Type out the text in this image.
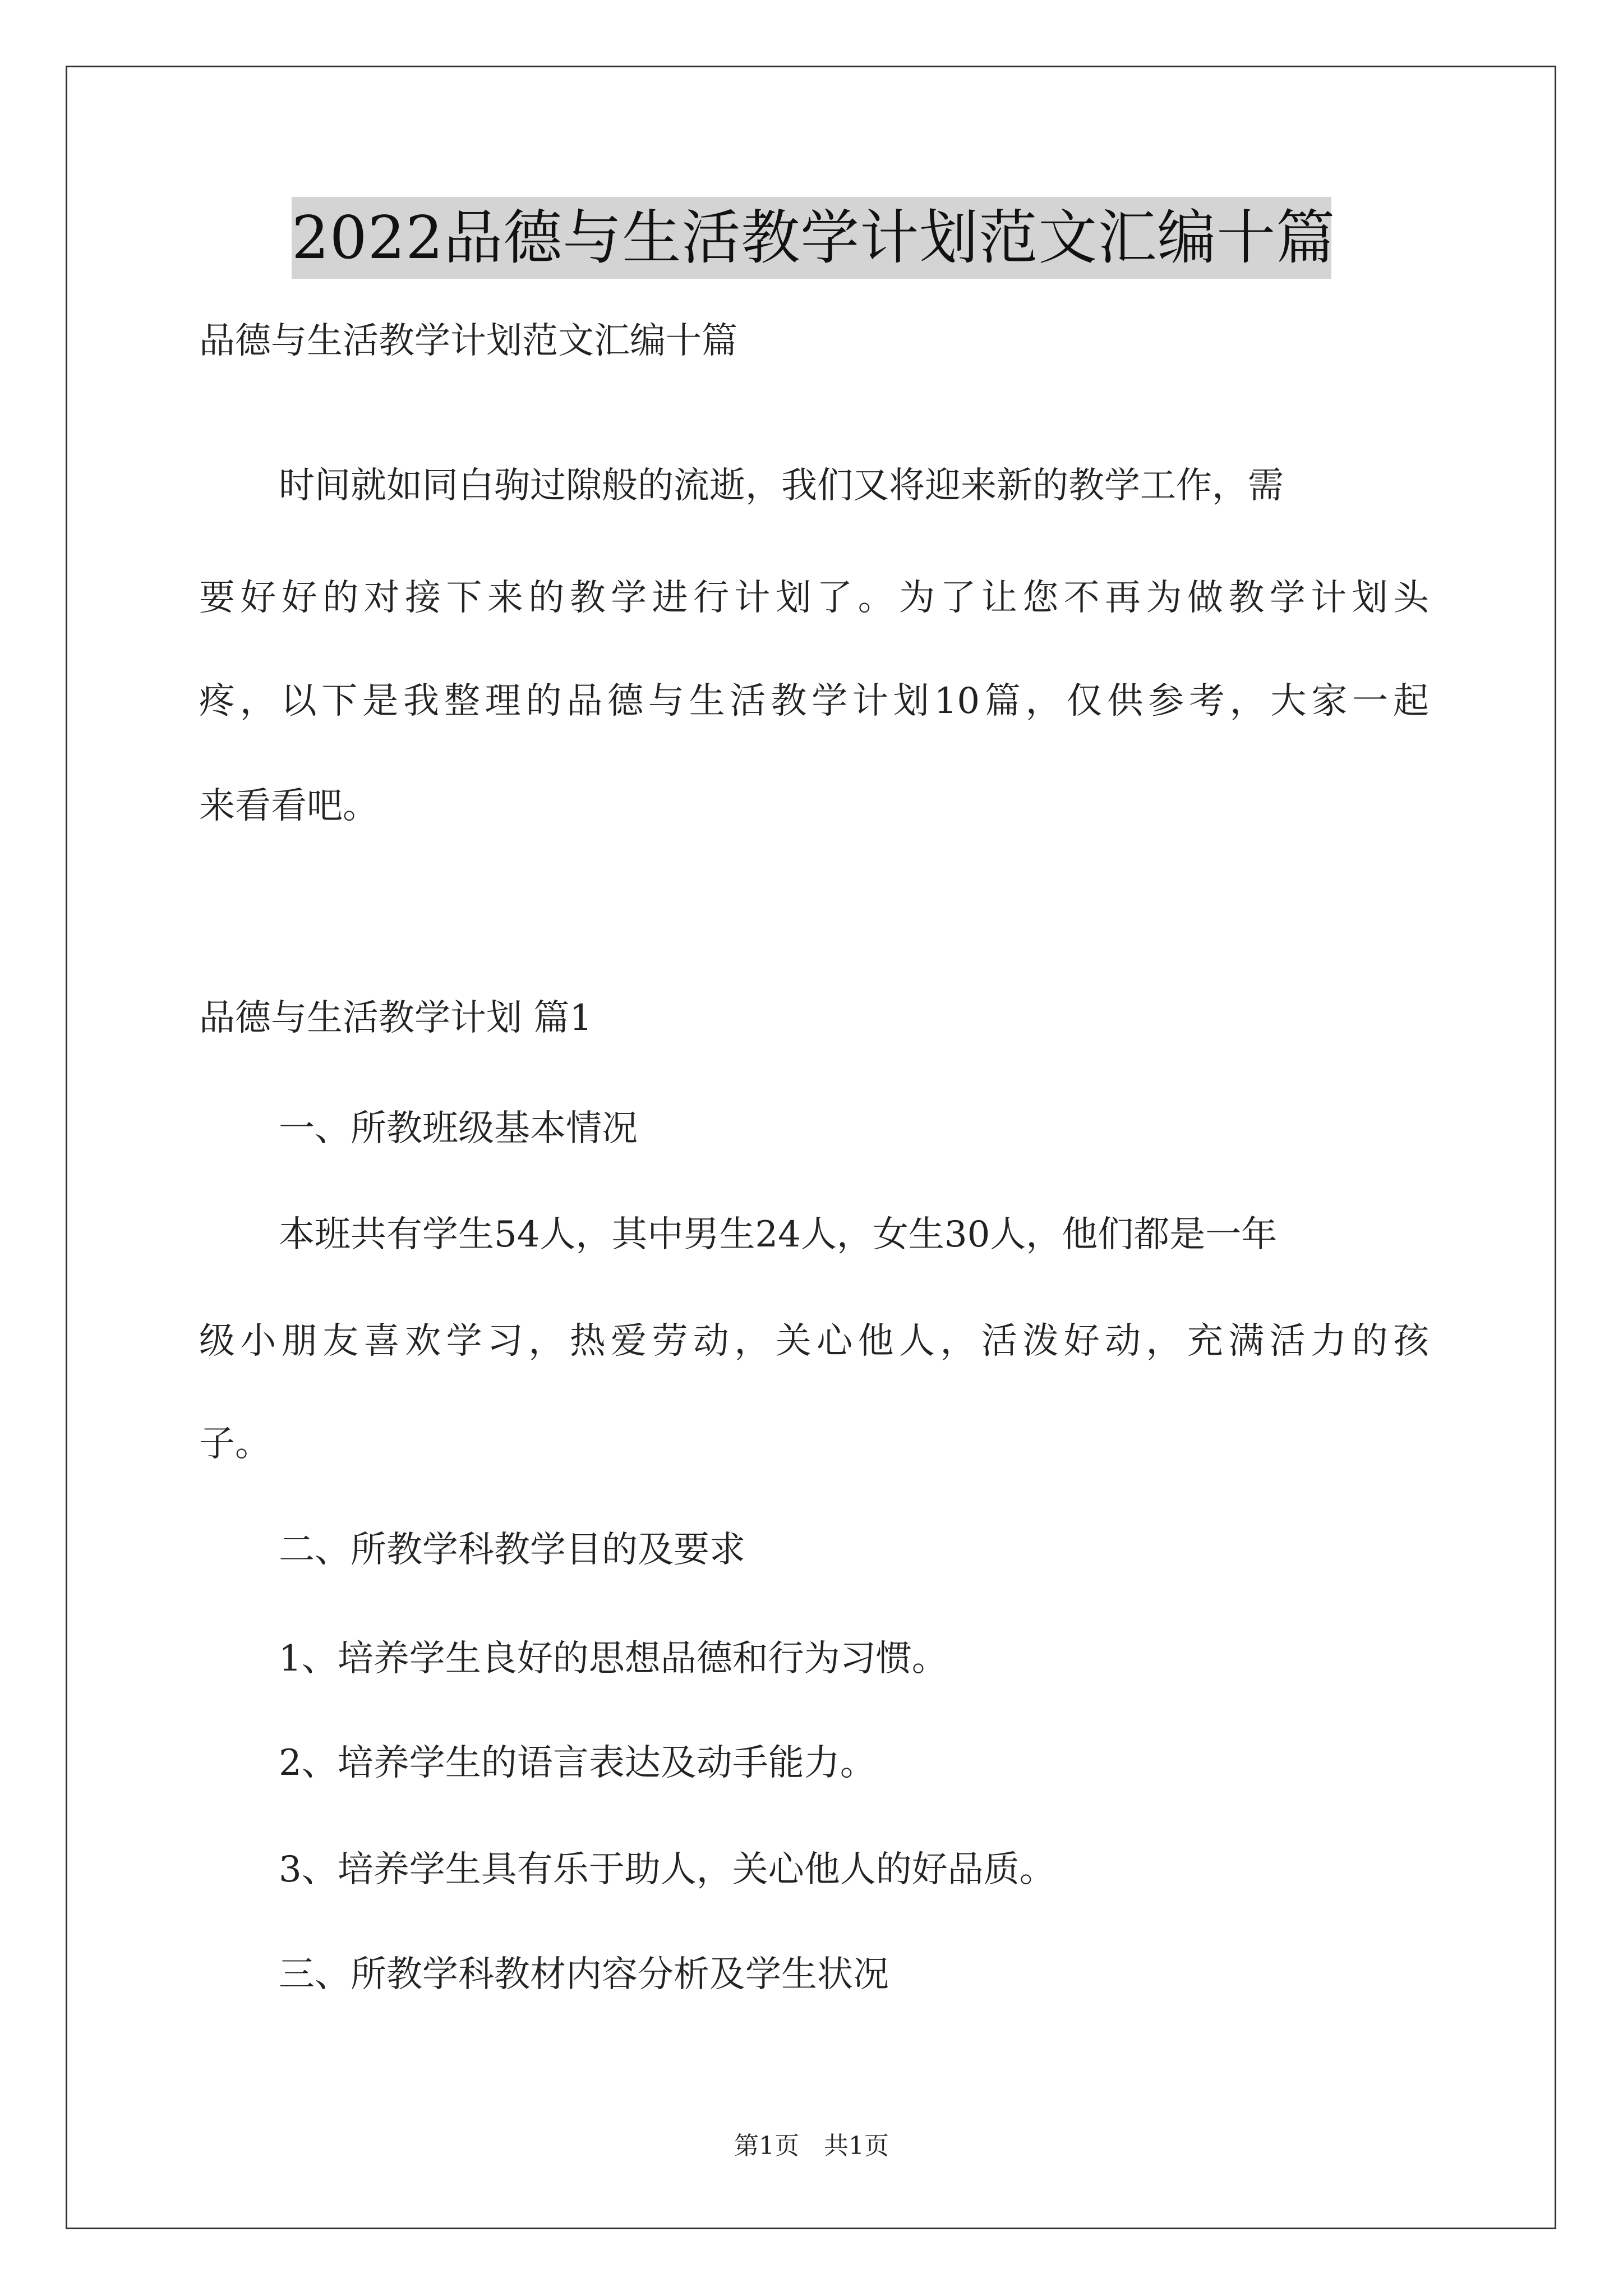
2022品德与生活教学计划范文汇编十篇
品德与生活教学计划范文汇编十篇
时间就如同白驹过隙般的流逝，我们又将迎来新的教学工作，需
要好好的对接下来的教学进行计划了。为了让您不再为做教学计划头
疼，以下是我整理的品德与生活教学计划10篇，仅供参考，大家一起
来看看吧。
品德与生活教学计划 篇1
一、所教班级基本情况
本班共有学生54人，其中男生24人，女生30人，他们都是一年
级小朋友喜欢学习，热爱劳动，关心他人，活泼好动，充满活力的孩
子。
二、所教学科教学目的及要求
1、培养学生良好的思想品德和行为习惯。
2、培养学生的语言表达及动手能力。
3、培养学生具有乐于助人，关心他人的好品质。
三、所教学科教材内容分析及学生状况
第1页 共1页
